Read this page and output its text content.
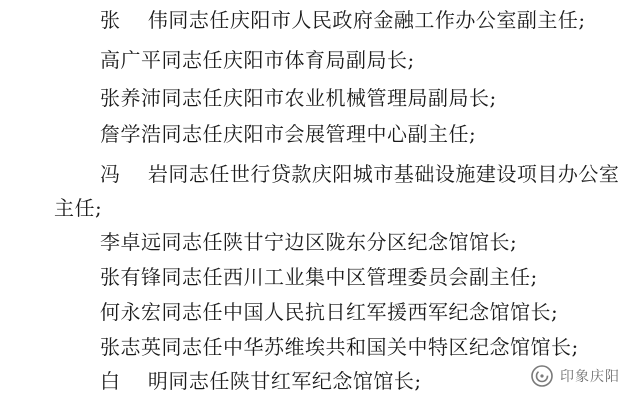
张　 伟同志任庆阳市人民政府金融工作办公室副主任;
高广平同志任庆阳市体育局副局长;
张养沛同志任庆阳市农业机械管理局副局长;
詹学浩同志任庆阳市会展管理中心副主任;
冯　 岩同志任世行贷款庆阳城市基础设施建设项目办公室
主任;
李卓远同志任陕甘宁边区陇东分区纪念馆馆长;
张有锋同志任西川工业集中区管理委员会副主任;
何永宏同志任中国人民抗日红军援西军纪念馆馆长;
张志英同志任中华苏维埃共和国关中特区纪念馆馆长;
白　 明同志任陕甘红军纪念馆馆长;	印象庆阳
